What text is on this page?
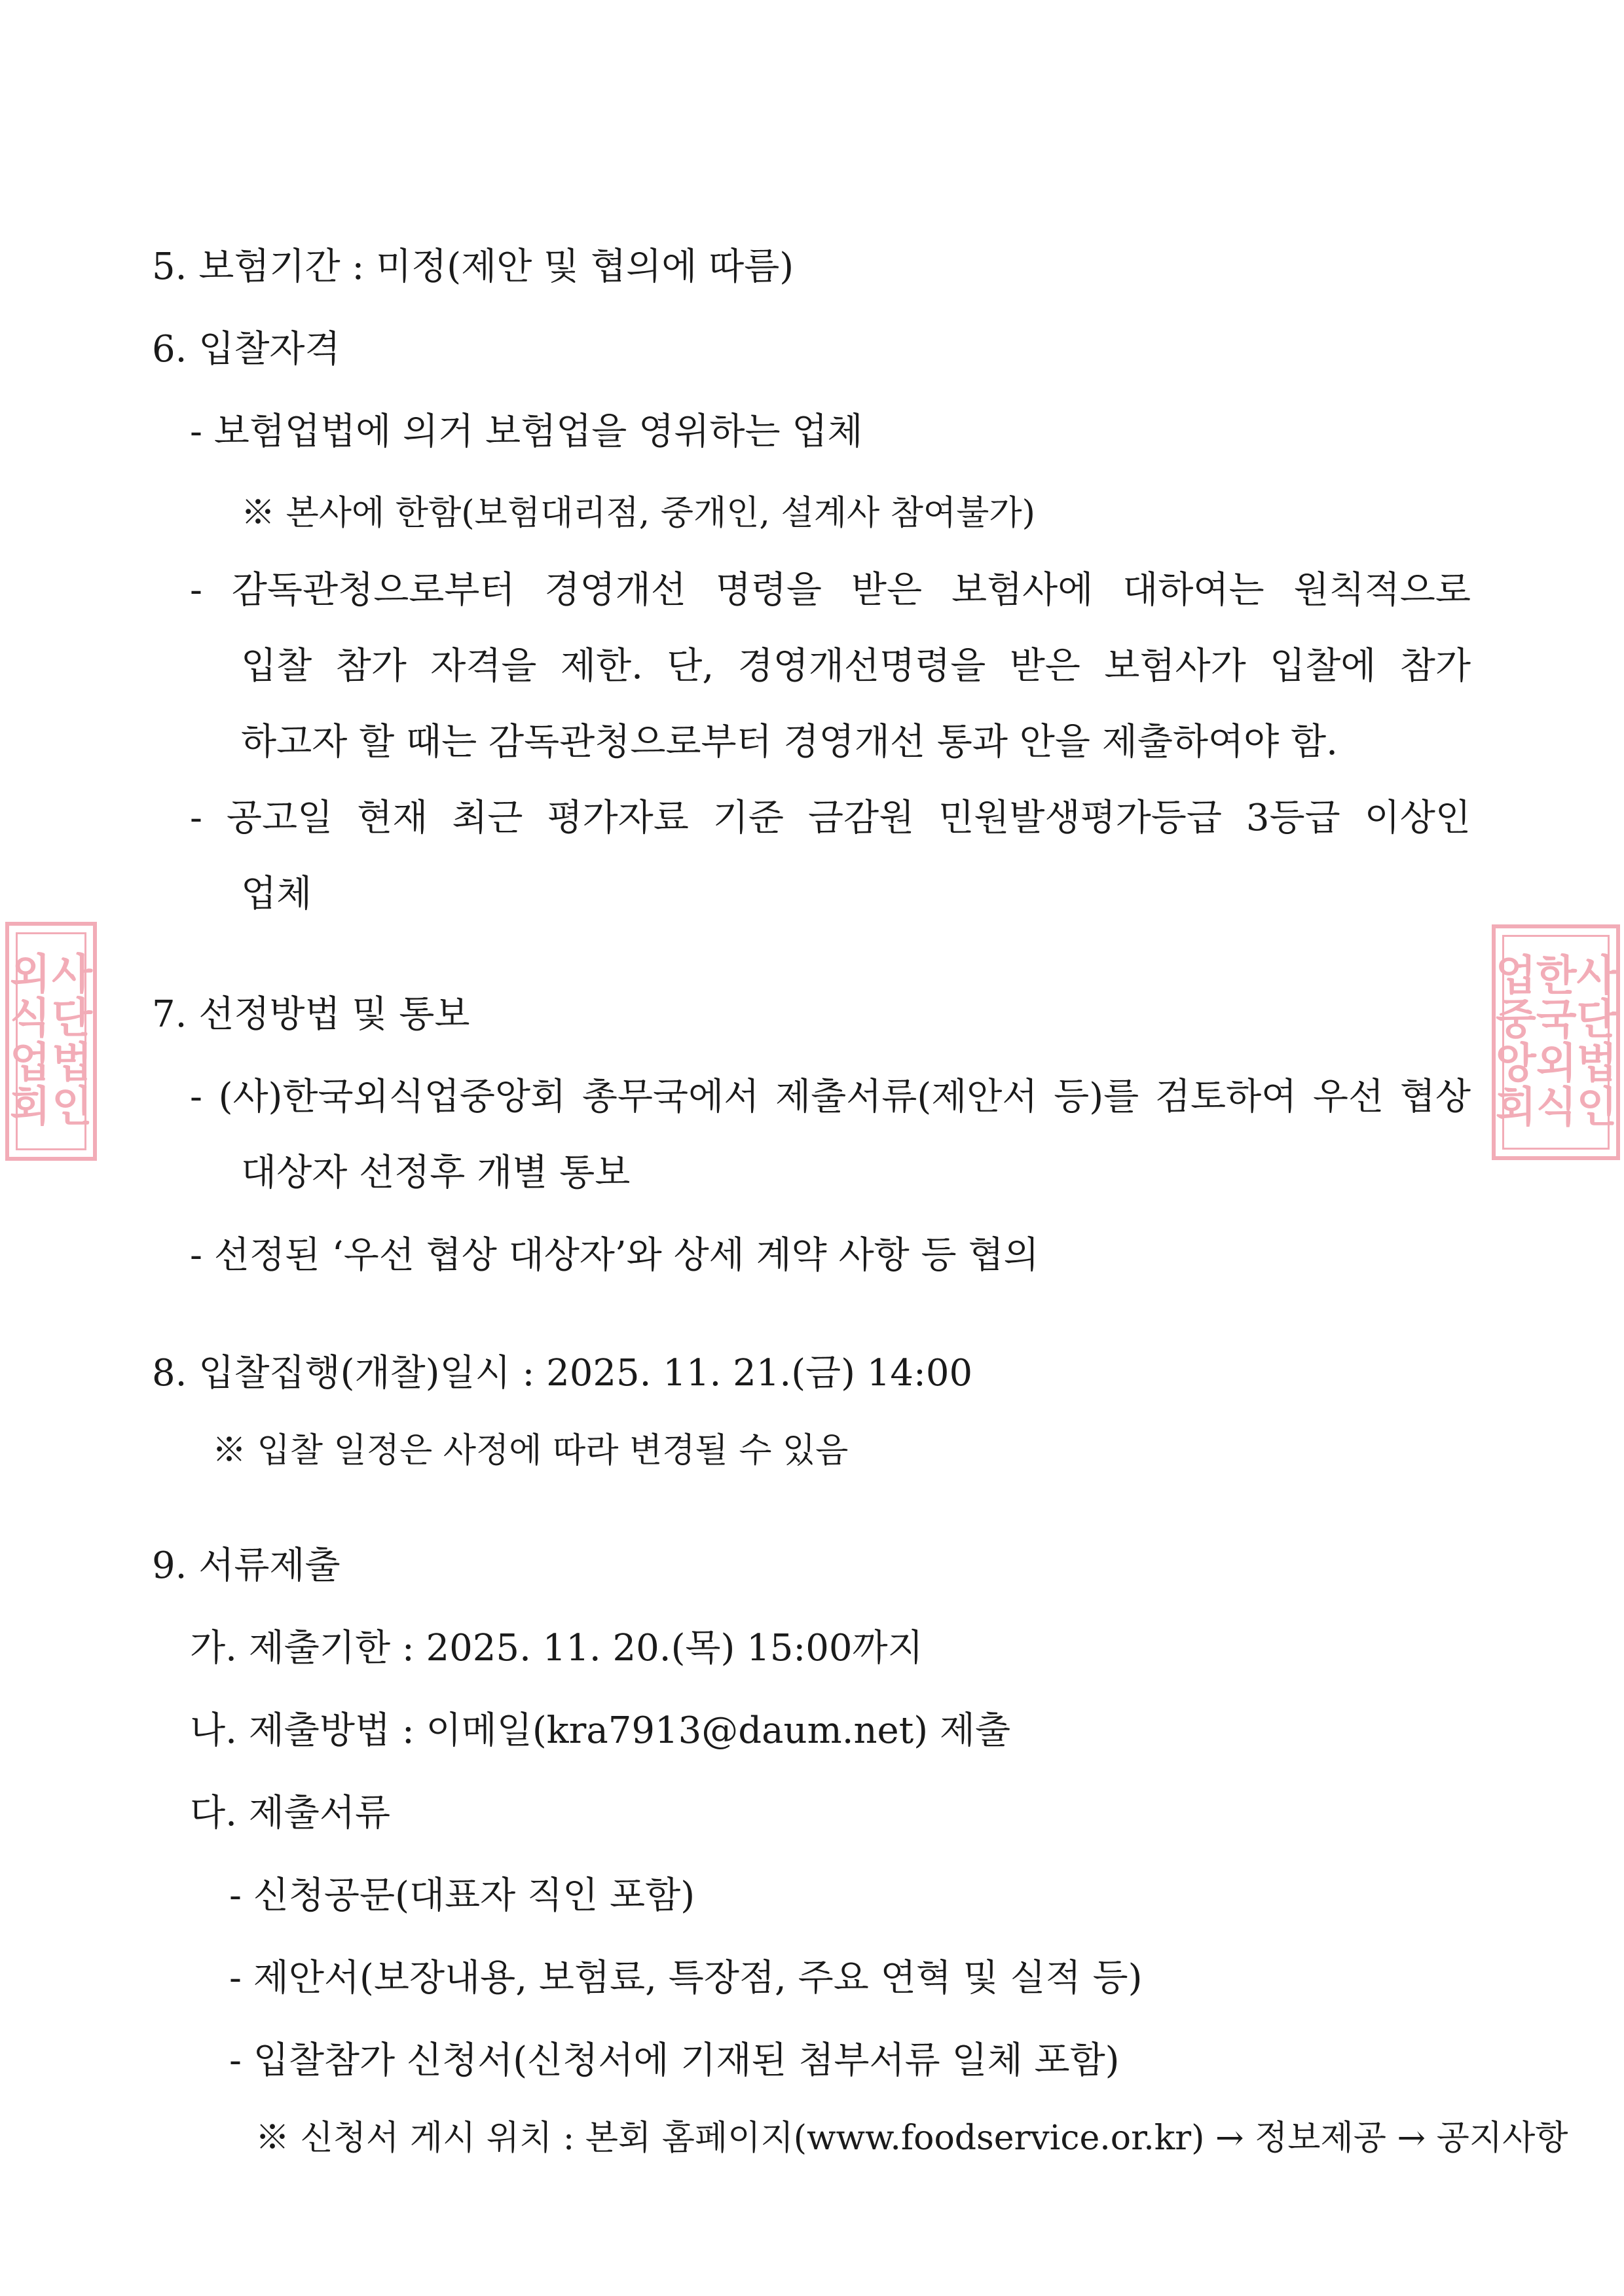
5. 보험기간 : 미정(제안 및 협의에 따름)
6. 입찰자격
- 보험업법에 의거 보험업을 영위하는 업체
※ 본사에 한함(보험대리점, 중개인, 설계사 참여불가)
- 감독관청으로부터 경영개선 명령을 받은 보험사에 대하여는 원칙적으로
입찰 참가 자격을 제한. 단, 경영개선명령을 받은 보험사가 입찰에 참가
하고자 할 때는 감독관청으로부터 경영개선 통과 안을 제출하여야 함.
- 공고일 현재 최근 평가자료 기준 금감원 민원발생평가등급 3등급 이상인
업체
7. 선정방법 및 통보
- (사)한국외식업중앙회 총무국에서 제출서류(제안서 등)를 검토하여 우선 협상
대상자 선정후 개별 통보
- 선정된 ‘우선 협상 대상자’와 상세 계약 사항 등 협의
8. 입찰집행(개찰)일시 : 2025. 11. 21.(금) 14:00
※ 입찰 일정은 사정에 따라 변경될 수 있음
9. 서류제출
가. 제출기한 : 2025. 11. 20.(목) 15:00까지
나. 제출방법 : 이메일(kra7913@daum.net) 제출
다. 제출서류
- 신청공문(대표자 직인 포함)
- 제안서(보장내용, 보험료, 특장점, 주요 연혁 및 실적 등)
- 입찰참가 신청서(신청서에 기재된 첨부서류 일체 포함)
※ 신청서 게시 위치 : 본회 홈페이지(www.foodservice.or.kr) → 정보제공 → 공지사항
사
단
법
인
외
식
업
회
사
단
법
인
한
국
외
식
업
중
앙
회
